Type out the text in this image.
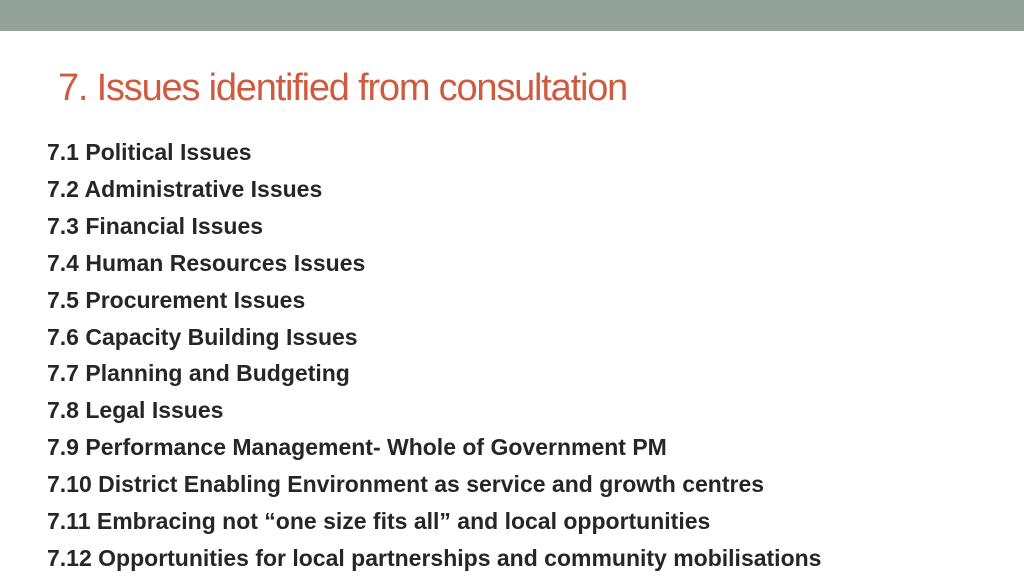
7. Issues identified from consultation
7.1 Political Issues
7.2 Administrative Issues
7.3 Financial Issues
7.4 Human Resources Issues
7.5 Procurement Issues
7.6 Capacity Building Issues
7.7 Planning and Budgeting
7.8 Legal Issues
7.9 Performance Management- Whole of Government PM
7.10 District Enabling Environment as service and growth centres
7.11 Embracing not “one size fits all” and local opportunities
7.12 Opportunities for local partnerships and community mobilisations
